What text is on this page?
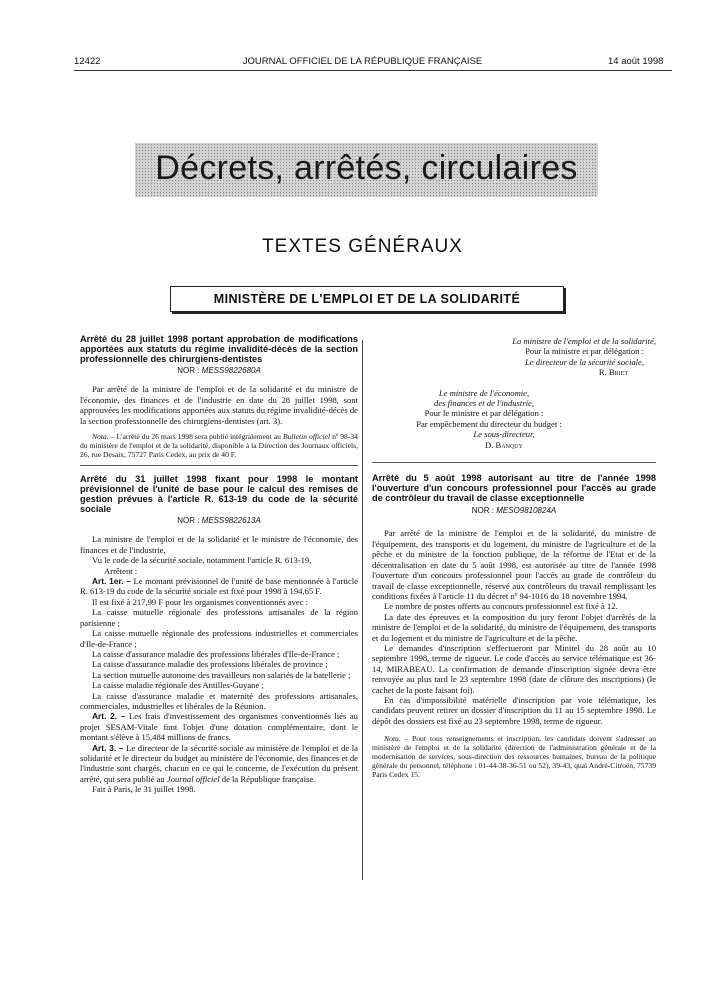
12422	JOURNAL OFFICIEL DE LA RÉPUBLIQUE FRANÇAISE	14 août 1998
Décrets, arrêtés, circulaires
TEXTES GÉNÉRAUX
MINISTÈRE DE L'EMPLOI ET DE LA SOLIDARITÉ
Arrêté du 28 juillet 1998 portant approbation de modifications apportées aux statuts du régime invalidité-décès de la section professionnelle des chirurgiens-dentistes
NOR : MESS9822680A

Par arrêté de la ministre de l'emploi et de la solidarité et du ministre de l'économie, des finances et de l'industrie en date du 28 juillet 1998, sont approuvées les modifications apportées aux statuts du régime invalidité-décès de la section professionnelle des chirurgiens-dentistes (art. 3).

Nota. – L'arrêté du 26 mars 1998 sera publié intégralement au Bulletin officiel nº 98-34 du ministère de l'emploi et de la solidarité, disponible à la Direction des Journaux officiels, 26, rue Desaix, 75727 Paris Cedex, au prix de 40 F.
Arrêté du 31 juillet 1998 fixant pour 1998 le montant prévisionnel de l'unité de base pour le calcul des remises de gestion prévues à l'article R. 613-19 du code de la sécurité sociale
NOR : MESS9822613A

La ministre de l'emploi et de la solidarité et le ministre de l'économie, des finances et de l'industrie,

Vu le code de la sécurité sociale, notamment l'article R. 613-19,

Arrêtent :

Art. 1er. – Le montant prévisionnel de l'unité de base mentionnée à l'article R. 613-19 du code de la sécurité sociale est fixé pour 1998 à 194,65 F.

Il est fixé à 217,99 F pour les organismes conventionnés avec :

La caisse mutuelle régionale des professions artisanales de la région parisienne ;

La caisse mutuelle régionale des professions industrielles et commerciales d'Ile-de-France ;

La caisse d'assurance maladie des professions libérales d'Ile-de-France ;

La caisse d'assurance maladie des professions libérales de province ;

La section mutuelle autonome des travailleurs non salariés de la batellerie ;

La caisse maladie régionale des Antilles-Guyane ;

La caisse d'assurance maladie et maternité des professions artisanales, commerciales, industrielles et libérales de la Réunion.

Art. 2. – Les frais d'investissement des organismes conventionnés liés au projet SESAM-Vitale font l'objet d'une dotation complémentaire, dont le montant s'élève à 15,484 millions de francs.

Art. 3. – Le directeur de la sécurité sociale au ministère de l'emploi et de la solidarité et le directeur du budget au ministère de l'économie, des finances et de l'industrie sont chargés, chacun en ce qui le concerne, de l'exécution du présent arrêté, qui sera publié au Journal officiel de la République française.

Fait à Paris, le 31 juillet 1998.

La ministre de l'emploi et de la solidarité,
Pour la ministre et par délégation :
Le directeur de la sécurité sociale,
R. Briet
Le ministre de l'économie,
des finances et de l'industrie,
Pour le ministre et par délégation :
Par empêchement du directeur du budget :
Le sous-directeur,
D. Banquy
Arrêté du 5 août 1998 autorisant au titre de l'année 1998 l'ouverture d'un concours professionnel pour l'accès au grade de contrôleur du travail de classe exceptionnelle
NOR : MESO9810824A

Par arrêté de la ministre de l'emploi et de la solidarité, du ministre de l'équipement, des transports et du logement, du ministre de l'agriculture et de la pêche et du ministre de la fonction publique, de la réforme de l'Etat et de la décentralisation en date du 5 août 1998, est autorisée au titre de l'année 1998 l'ouverture d'un concours professionnel pour l'accès au grade de contrôleur du travail de classe exceptionnelle, réservé aux contrôleurs du travail remplissant les conditions fixées à l'article 11 du décret nº 94-1016 du 18 novembre 1994.

Le nombre de postes offerts au concours professionnel est fixé à 12.

La date des épreuves et la composition du jury feront l'objet d'arrêtés de la ministre de l'emploi et de la solidarité, du ministre de l'équipement, des transports et du logement et du ministre de l'agriculture et de la pêche.

Le demandes d'inscription s'effectueront par Minitel du 28 août au 10 septembre 1998, terme de rigueur. Le code d'accès au service télématique est 36-14, MIRABEAU. La confirmation de demande d'inscription signée devra être renvoyée au plus tard le 23 septembre 1998 (date de clôture des inscriptions) (le cachet de la poste faisant foi).

En cas d'impossibilité matérielle d'inscription par voie télématique, les candidats peuvent retirer un dossier d'inscription du 11 au 15 septembre 1998. Le dépôt des dossiers est fixé au 23 septembre 1998, terme de rigueur.

Nota. – Pour tous renseignements et inscription, les candidats doivent s'adresser au ministère de l'emploi et de la solidarité (direction de l'administration générale et de la modernisation de services, sous-direction des ressources humaines, bureau de la politique générale du personnel, téléphone : 01-44-38-36-51 ou 52), 39-43, quai André-Citroën, 75739 Paris Cedex 15.
